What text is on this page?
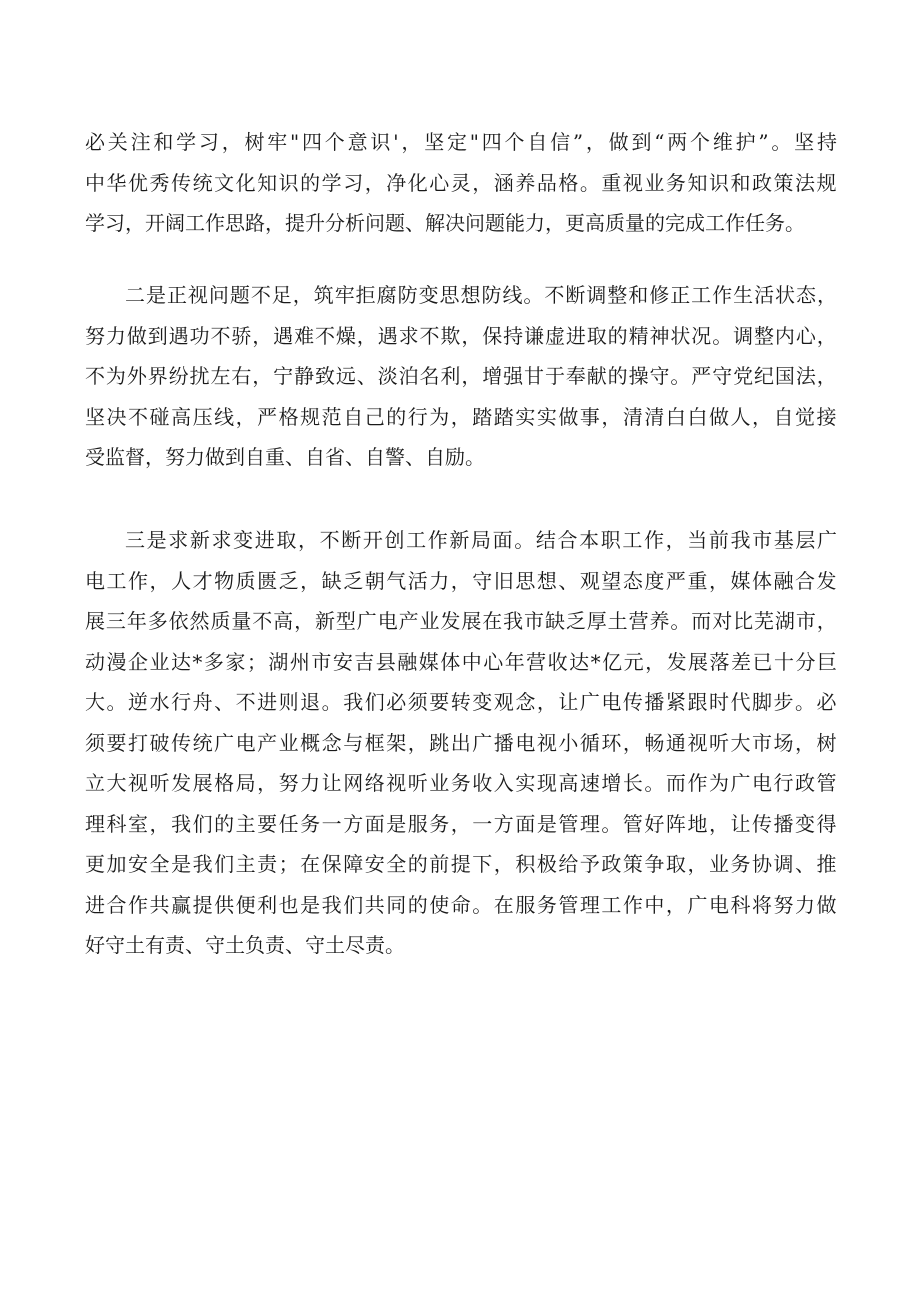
必 关 注 和 学 习 ， 树 牢 " 四 个 意 识 ' ， 坚 定 " 四 个 自 信 ” ， 做 到 “ 两 个 维 护 ” 。 坚 持
中 华 优 秀 传 统 文 化 知 识 的 学 习 ， 净 化 心 灵 ， 涵 养 品 格 。 重 视 业 务 知 识 和 政 策 法 规
学习，开阔工作思路，提升分析问题、解决问题能力，更高质量的完成工作任务。
二 是 正 视 问 题 不 足 ， 筑 牢 拒 腐 防 变 思 想 防 线 。 不 断 调 整 和 修 正 工 作 生 活 状 态 ，
努 力 做 到 遇 功 不 骄 ， 遇 难 不 燥 ， 遇 求 不 欺 ， 保 持 谦 虚 进 取 的 精 神 状 况 。 调 整 内 心 ，
不 为 外 界 纷 扰 左 右 ， 宁 静 致 远 、 淡 泊 名 利 ， 增 强 甘 于 奉 献 的 操 守 。 严 守 党 纪 国 法 ，
坚 决 不 碰 高 压 线 ， 严 格 规 范 自 己 的 行 为 ， 踏 踏 实 实 做 事 ， 清 清 白 白 做 人 ， 自 觉 接
受监督，努力做到自重、自省、自警、自励。
三 是 求 新 求 变 进 取 ， 不 断 开 创 工 作 新 局 面 。 结 合 本 职 工 作 ， 当 前 我 市 基 层 广
电 工 作 ， 人 才 物 质 匮 乏 ， 缺 乏 朝 气 活 力 ， 守 旧 思 想 、 观 望 态 度 严 重 ， 媒 体 融 合 发
展 三 年 多 依 然 质 量 不 高 ， 新 型 广 电 产 业 发 展 在 我 市 缺 乏 厚 土 营 养 。 而 对 比 芜 湖 市 ，
动 漫 企 业 达 * 多 家 ； 湖 州 市 安 吉 县 融 媒 体 中 心 年 营 收 达 * 亿 元 ， 发 展 落 差 已 十 分 巨
大 。 逆 水 行 舟 、 不 进 则 退 。 我 们 必 须 要 转 变 观 念 ， 让 广 电 传 播 紧 跟 时 代 脚 步 。 必
须 要 打 破 传 统 广 电 产 业 概 念 与 框 架 ， 跳 出 广 播 电 视 小 循 环 ， 畅 通 视 听 大 市 场 ， 树
立 大 视 听 发 展 格 局 ， 努 力 让 网 络 视 听 业 务 收 入 实 现 高 速 增 长 。 而 作 为 广 电 行 政 管
理 科 室 ， 我 们 的 主 要 任 务 一 方 面 是 服 务 ， 一 方 面 是 管 理 。 管 好 阵 地 ， 让 传 播 变 得
更 加 安 全 是 我 们 主 责 ； 在 保 障 安 全 的 前 提 下 ， 积 极 给 予 政 策 争 取 ， 业 务 协 调 、 推
进 合 作 共 赢 提 供 便 利 也 是 我 们 共 同 的 使 命 。 在 服 务 管 理 工 作 中 ， 广 电 科 将 努 力 做
好守土有责、守土负责、守土尽责。
